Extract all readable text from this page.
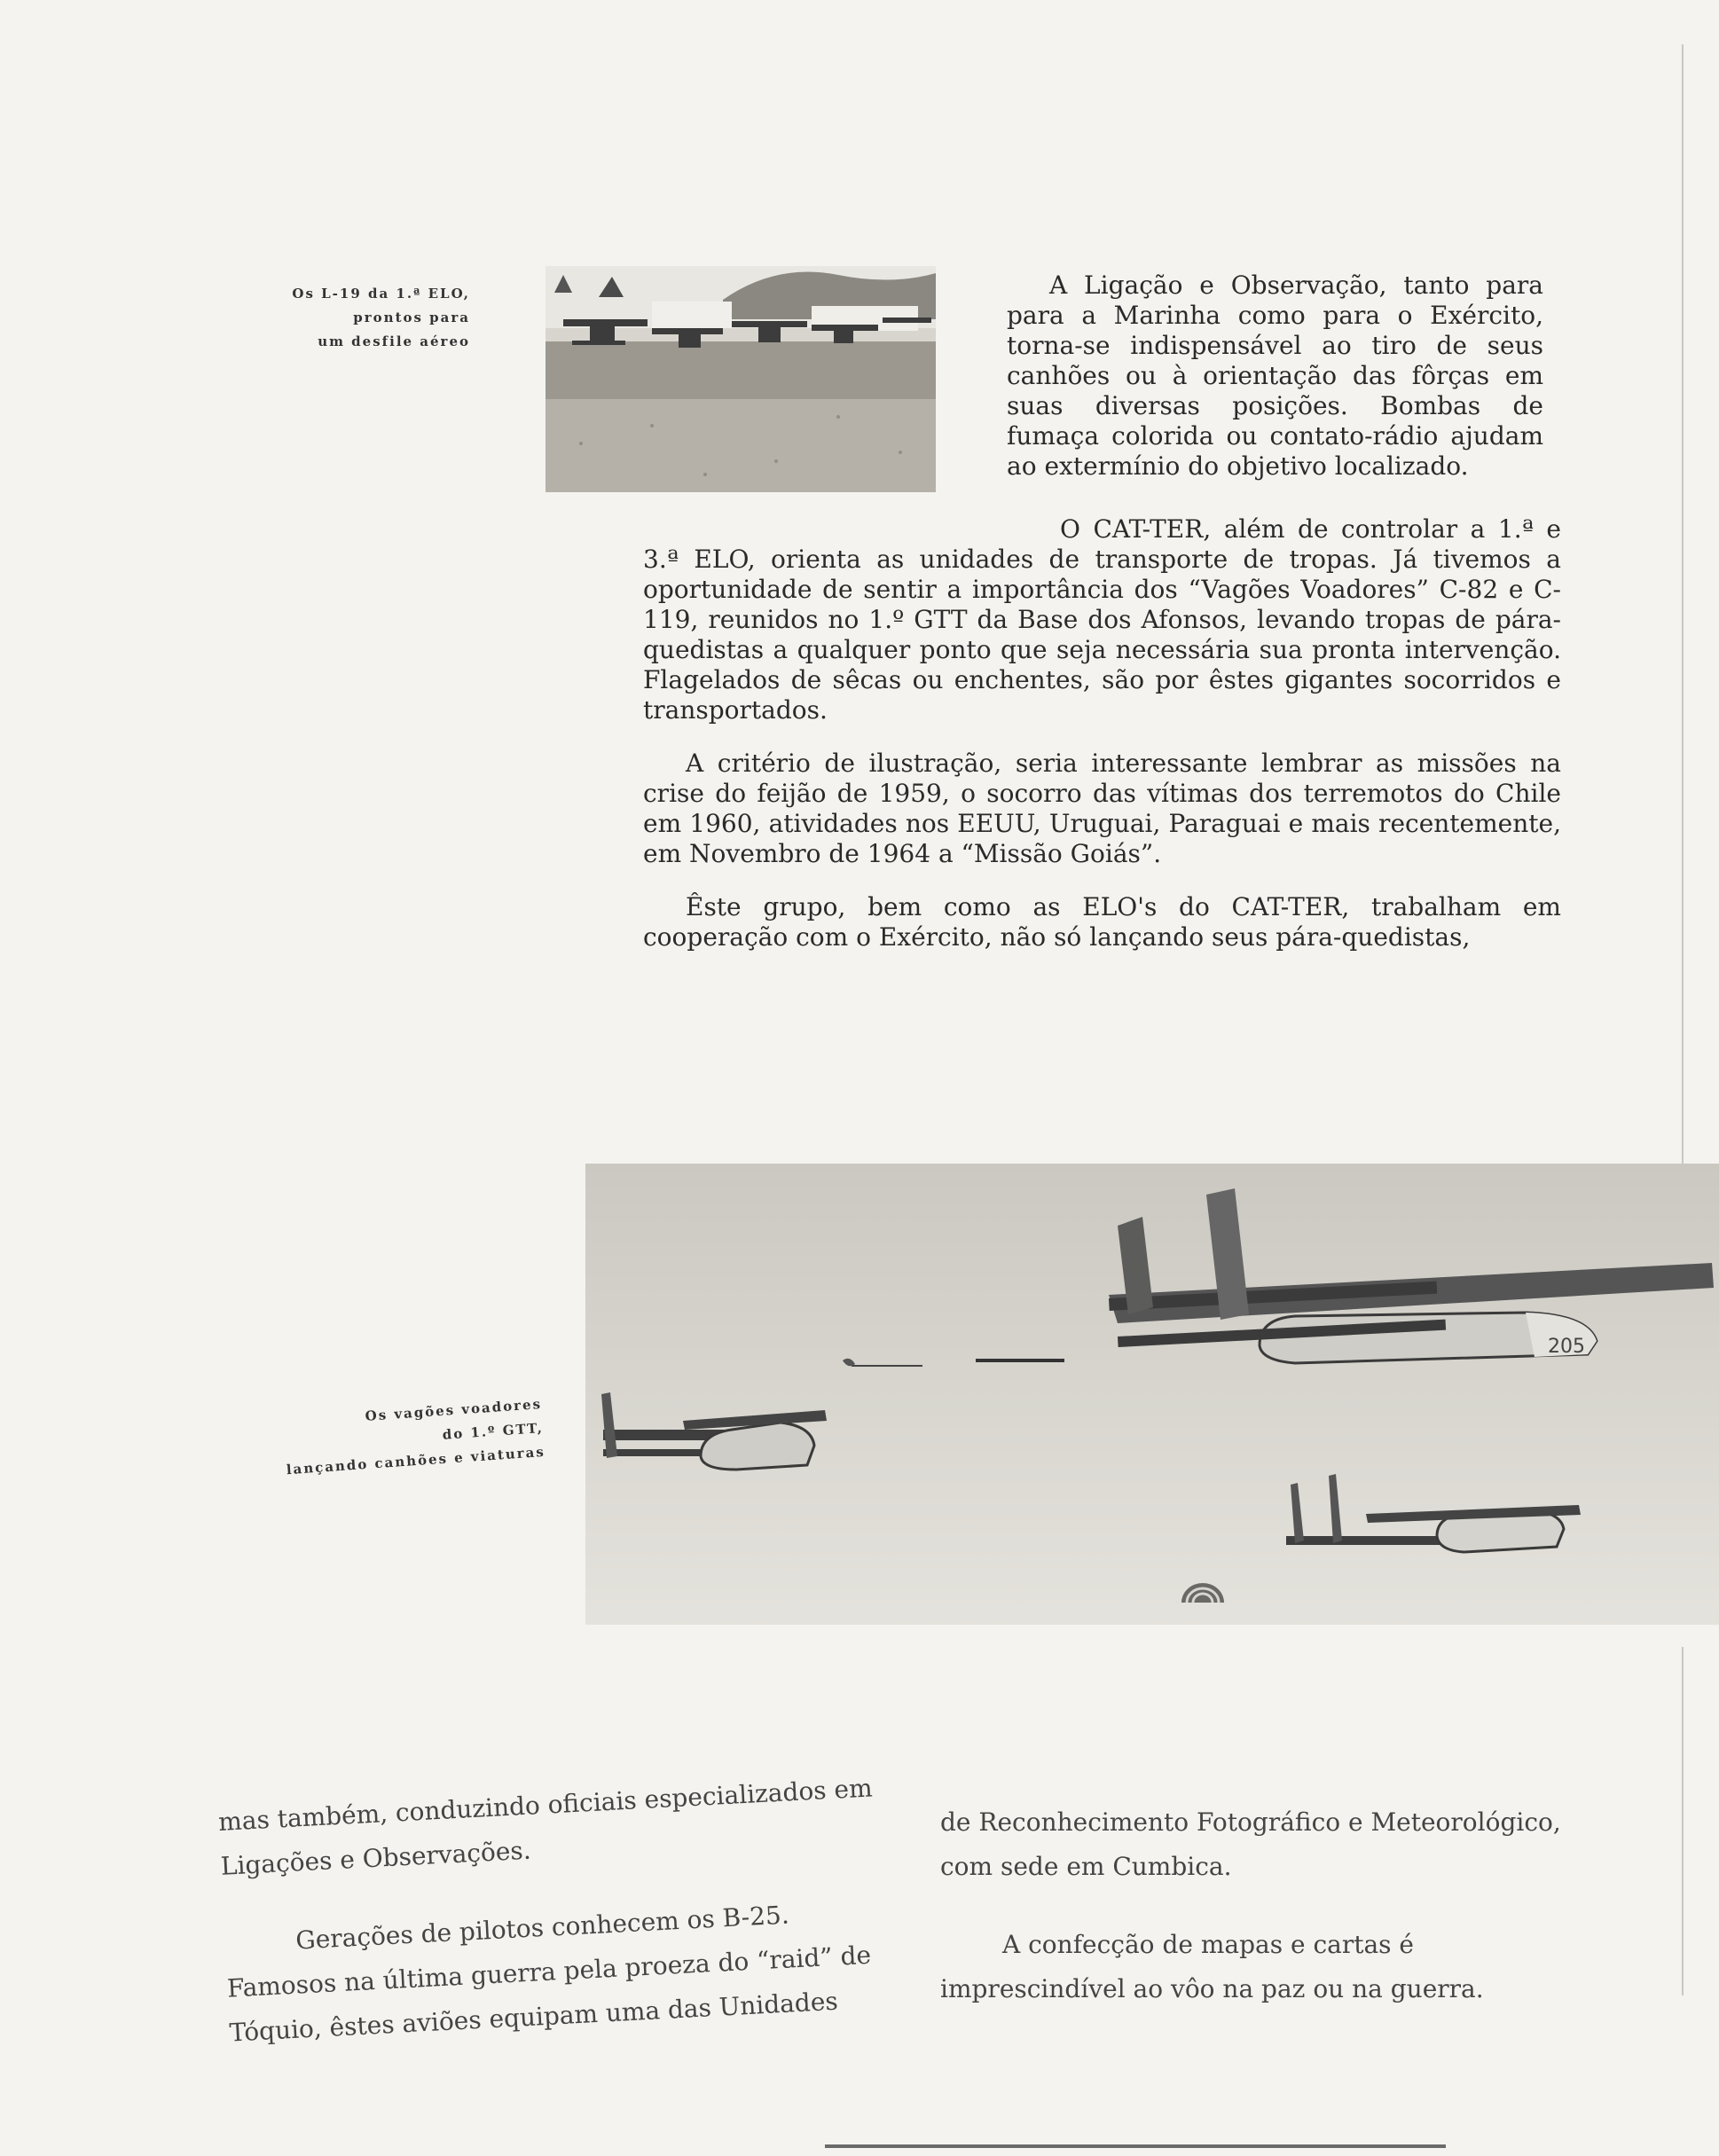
Os L-19 da 1.ª ELO,
prontos para
um desfile aéreo

A Ligação e Observação, tanto para para a Marinha como para o Exército, torna-se indispensável ao tiro de seus canhões ou à orientação das fôrças em suas diversas posições. Bombas de fumaça colorida ou contato-rádio ajudam ao extermínio do objetivo localizado.

O CAT-TER, além de controlar a 1.ª e 3.ª ELO, orienta as unidades de transporte de tropas. Já tivemos a oportunidade de sentir a importância dos “Vagões Voadores” C-82 e C-119, reunidos no 1.º GTT da Base dos Afonsos, levando tropas de pára-quedistas a qualquer ponto que seja necessária sua pronta intervenção. Flagelados de sêcas ou enchentes, são por êstes gigantes socorridos e transportados.

A critério de ilustração, seria interessante lembrar as missões na crise do feijão de 1959, o socorro das vítimas dos terremotos do Chile em 1960, atividades nos EEUU, Uruguai, Paraguai e mais recentemente, em Novembro de 1964 a “Missão Goiás”.

Êste grupo, bem como as ELO's do CAT-TER, trabalham em cooperação com o Exército, não só lançando seus pára-quedistas,

Os vagões voadores
do 1.º GTT,
lançando canhões e viaturas
205

mas também, conduzindo oficiais especializados em Ligações e Observações.

Gerações de pilotos conhecem os B-25. Famosos na última guerra pela proeza do “raid” de Tóquio, êstes aviões equipam uma das Unidades

de Reconhecimento Fotográfico e Meteorológico, com sede em Cumbica.

A confecção de mapas e cartas é imprescindível ao vôo na paz ou na guerra.
